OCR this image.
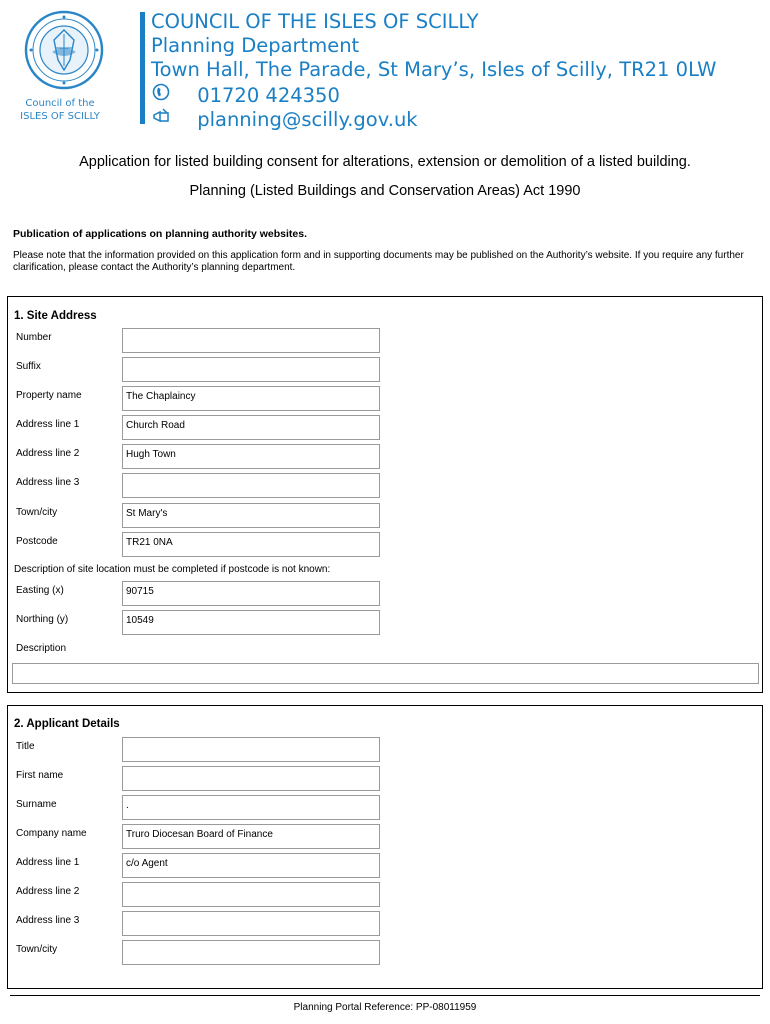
Council of the
ISLES OF SCILLY
COUNCIL OF THE ISLES OF SCILLY
Planning Department
Town Hall, The Parade, St Mary’s, Isles of Scilly, TR21 0LW
01720 424350
planning@scilly.gov.uk
Application for listed building consent for alterations, extension or demolition of a listed building.
Planning (Listed Buildings and Conservation Areas) Act 1990
Publication of applications on planning authority websites.
Please note that the information provided on this application form and in supporting documents may be published on the Authority’s website. If you require any further clarification, please contact the Authority’s planning department.
1. Site Address
Number
Suffix
Property name	The Chaplaincy
Address line 1	Church Road
Address line 2	Hugh Town
Address line 3
Town/city	St Mary's
Postcode	TR21 0NA
Description of site location must be completed if postcode is not known:
Easting (x)	90715
Northing (y)	10549
Description
2. Applicant Details
Title
First name
Surname	.
Company name	Truro Diocesan Board of Finance
Address line 1	c/o Agent
Address line 2
Address line 3
Town/city
Planning Portal Reference: PP-08011959
